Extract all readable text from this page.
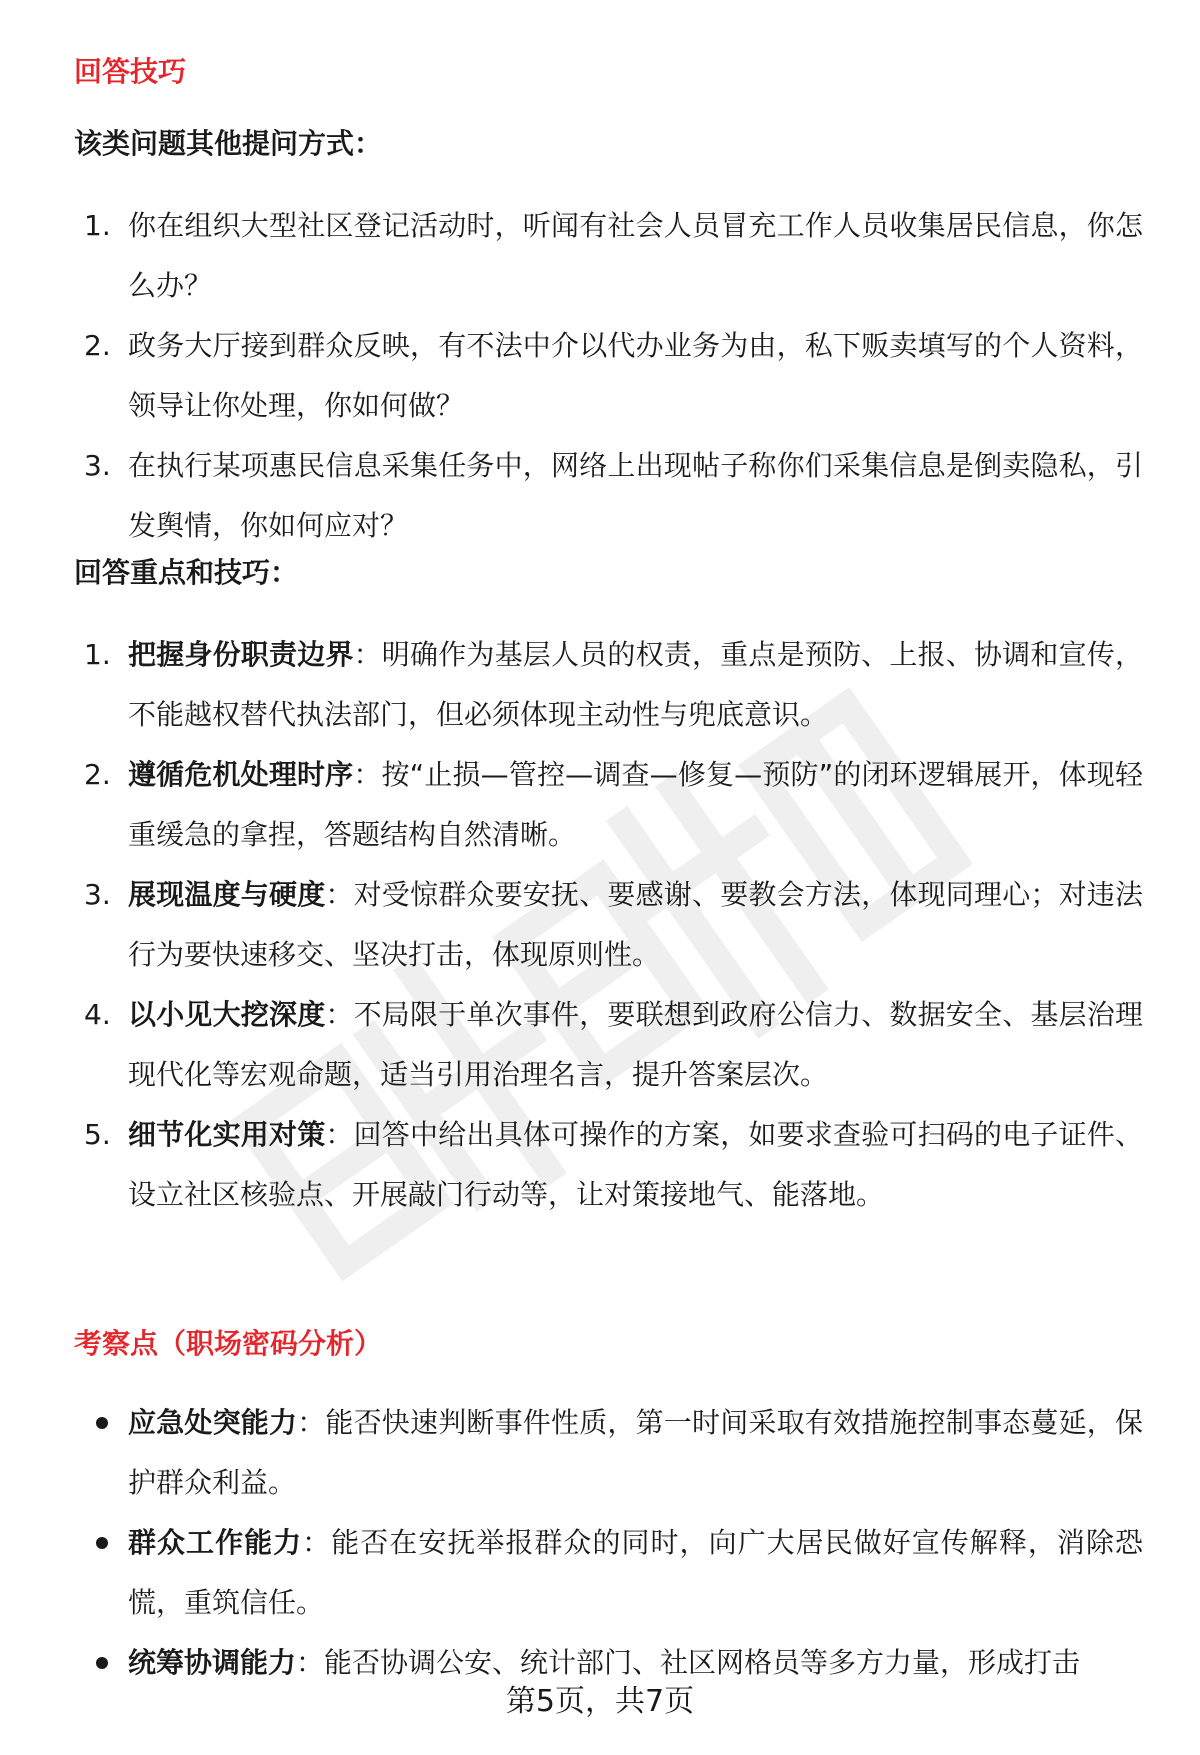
回答技巧
该类问题其他提问方式：
1. 你在组织大型社区登记活动时，听闻有社会人员冒充工作人员收集居民信息，你怎么办？
2. 政务大厅接到群众反映，有不法中介以代办业务为由，私下贩卖填写的个人资料，领导让你处理，你如何做？
3. 在执行某项惠民信息采集任务中，网络上出现帖子称你们采集信息是倒卖隐私，引发舆情，你如何应对？
回答重点和技巧：
1. 把握身份职责边界：明确作为基层人员的权责，重点是预防、上报、协调和宣传，不能越权替代执法部门，但必须体现主动性与兜底意识。
2. 遵循危机处理时序：按“止损—管控—调查—修复—预防”的闭环逻辑展开，体现轻重缓急的拿捏，答题结构自然清晰。
3. 展现温度与硬度：对受惊群众要安抚、要感谢、要教会方法，体现同理心；对违法行为要快速移交、坚决打击，体现原则性。
4. 以小见大挖深度：不局限于单次事件，要联想到政府公信力、数据安全、基层治理现代化等宏观命题，适当引用治理名言，提升答案层次。
5. 细节化实用对策：回答中给出具体可操作的方案，如要求查验可扫码的电子证件、设立社区核验点、开展敲门行动等，让对策接地气、能落地。
考察点（职场密码分析）
应急处突能力：能否快速判断事件性质，第一时间采取有效措施控制事态蔓延，保护群众利益。
群众工作能力：能否在安抚举报群众的同时，向广大居民做好宣传解释，消除恐慌，重筑信任。
统筹协调能力：能否协调公安、统计部门、社区网格员等多方力量，形成打击
第5页，共7页
